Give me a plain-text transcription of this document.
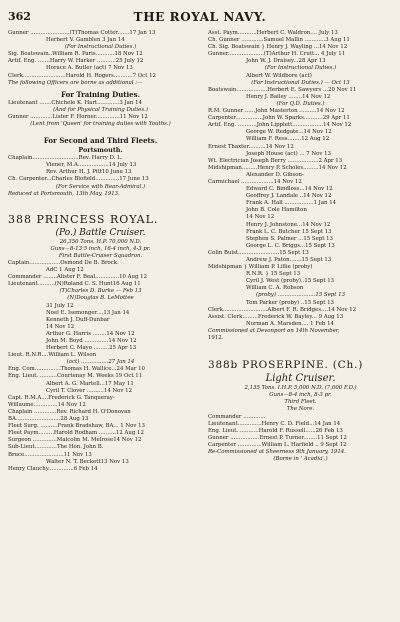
362	THE ROYAL NAVY.
Gunner .......................(T)Thomas Cotter.......17 Jan 13
Herbert V. Gamblen 3 Jan 14
(For Instructional Duties.)
Sig. Boatswain..William R. Paris...........18 Nov 12
Artif. Eng. .......Harry W. Harker ...........25 July 12
Horace A. Butler (act) 7 Nov 13
Clerk.........................Harold H. Rogers...........7 Oct 12
The following Officers are borne as additional :—
For Training Duties.
Lieutenant .......Chichele K. Hart.............3 Jan 14
(And for Physical Training Duties.)
Gunner .............Lister F. Horner..............11 Nov 12
(Lent from 'Queen' for training duties with Youths.)
For Second and Third Fleets.
Portsmouth.
Chaplain...........................Rev. Harry D. L.
Viener, M.A..................14 July 13
Rev. Arthur H. J. Pitt10 June 13
Ch. Carpenter...Charles Blofield..............17 June 13
(For Service with Rear-Admiral.)
Reduced at Portsmouth, 13th May, 1913.
388 PRINCESS ROYAL.
(Po.) Battle Cruiser.
26,350 Tons. H.P. 70,000 N.D.
Guns—8-13·5 inch, 16-4 inch, 4-3 pr.
First Battle-Cruiser Squadron.
Captain..................Osmond De B. Brock.
AdC 1 Aug 12
Commander ........Alister F. Beal..............10 Aug 12
Lieutenant..........(N)Roland C. S. Hunt16 Aug 11
(T)Charles D. Burke — Feb 13
(N)Douglas B. LeMottée
31 July 12
Noel E. Isemonger....13 Jan 14
Kenneth J. Duff-Dunbar
14 Nov 12
Arthur G. Harris ........14 Nov 12
John M. Boyd ..............14 Nov 12
Herbert C. Mayo .........25 Apr 13
Lieut. R.N.R....William L. Wilson
(act) ................27 Jan 14
Eng. Com...............Thomas H. Wallice...24 Mar 10
Eng. Lieut. ..........Courtenay M. Weeks 19 Oct 11
Albert A. G. Martell...17 May 11
Cyril T. Clover ..........14 Nov 12
Capt. R.M.A....Frederick G. Tanqueray-
Willaume..............14 Nov 12
Chaplain .............Rev. Richard H. O'Donovan
BA..........................28 Aug 13
Fleet Surg. ..........Frank Bradshaw, BA... 1 Nov 13
Fleet Paym.........Harold Rodham ..........12 Aug 12
Surgeon ..............Malcolm M. Melrose14 Nov 12
Sub-Lieut.............The Hon. John B.
Bruce.......................11 Nov 13
Walter N. T. Beckett13 Nov 13
Henry Clauchy...............6 Feb 14
Asst. Paym...........Herbert C. Waldron.... July 13
Ch. Gunner .............Samuel Mallin ............3 Aug 11
Ch. Sig. Boatswain } Henry J. Wayling ...14 Nov 12
Gunner.....................(T)Arthur H. Crutt... 4 July 11
John W. J. Dralsey...28 Apr 13
(For Instructional Duties.)
Albert W. Wildbore (act)
(For Instructional Duties.) — Oct 13
Boatswain..................Herbert E. Sawyers ...20 Nov 11
Henry J. Bailey ........14 Nov 12
(For Q.D. Duties.)
R.M. Gunner ......John Masterton ..........14 Nov 12
Carpenter................John W. Sparks...........29 Apr 11
Artif. Eng. ...........John Lipplett..................14 Nov 12
George W. Redgate...14 Nov 12
William F. Ress........12 Aug 12
Ernest Thaxter..........14 Nov 12
Joseph House (act) ... 7 Nov 13
Wt. Electrician Joseph Berry ..................2 Apr 13
Midshipman.........Henry P. Scholes.........14 Nov 12
Alexander D. Gibson-
Carmichael ...................14 Nov 12
Edward C. Bindloss...14 Nov 12
Geoffrey J. Landale ..14 Nov 12
Frank A. Hall .................1 Jan 14
John B. Cole Hamilton
14 Nov 12
Henry J. Johnstone...14 Nov 12
Frank L. C. Butcher 15 Sept 13
Stephen S. Palmer ...15 Sept 13
George L. C. Briggs...15 Sept 13
Colin Buist........................15 Sept 13
Andrew J. Paton.......15 Sept 13
Midshipman } William P. Lillie (proby)
R.N.R. } 15 Sept 13
Cyril J. West (proby)..15 Sept 13
William C. A. Robson
(proby) ......................15 Sept 13
Tom Parker (proby) ..15 Sept 13
Clerk..........................Albert F. R. Bridges....14 Nov 12
Assist. Clerk.........Frederick W. Bayley... 9 Aug 13
Norman A. Marsden.... 1 Feb 14
Commissioned at Devonport on 14th November,
1912.
388b PROSERPINE. (Ch.)
Light Cruiser.
2,135 Tons. I.H.P. 5,000 N.D. (7,000 F.D.)
Guns—8-4 inch, 8-3 pr.
Third Fleet.
The Nore.
Commander .............
Lieutenant..............Henry C. D. Field...14 Jan 14
Eng. Lieut. ...........Harold F. Russell......26 Feb 13
Gunner .................Ernest P. Turner........11 Sept 12
Carpenter ..............William L. Harfield .. 9 Sept 12
Re-Commissioned at Sheerness 9th January, 1914.
(Borne in ' Acadia'.)
